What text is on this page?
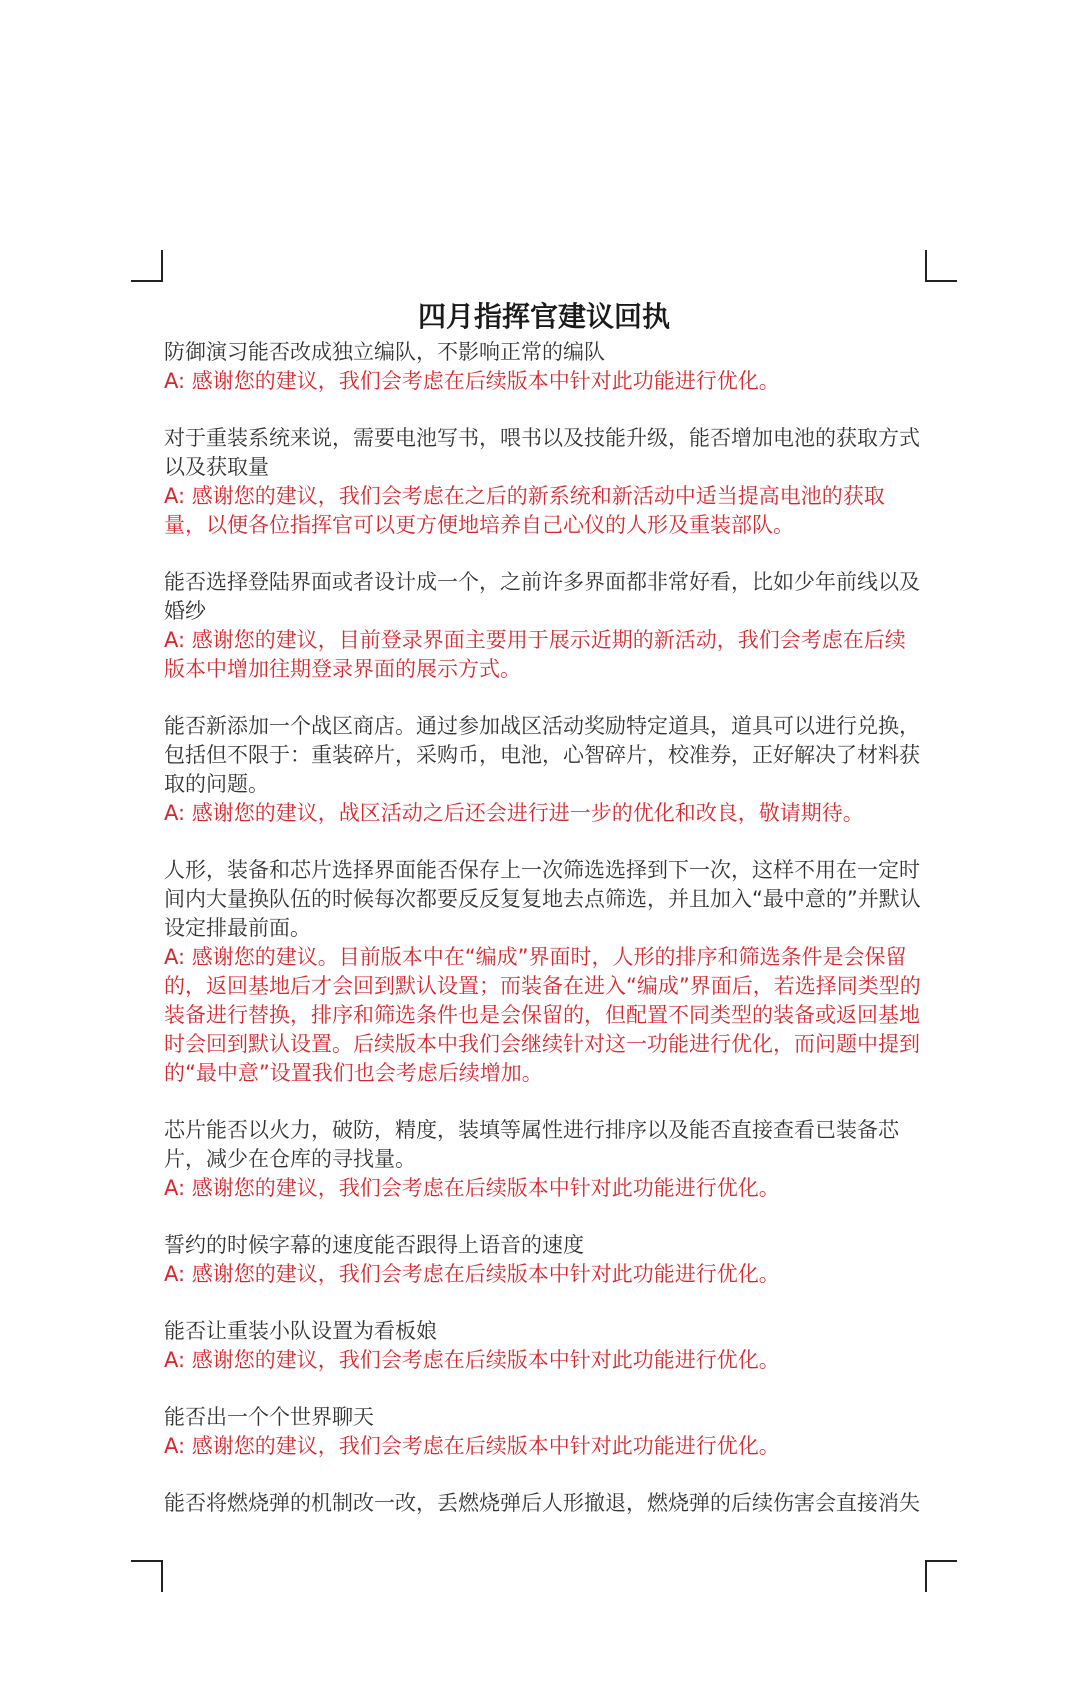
四月指挥官建议回执

防御演习能否改成独立编队，不影响正常的编队

A: 感谢您的建议，我们会考虑在后续版本中针对此功能进行优化。

对于重装系统来说，需要电池写书，喂书以及技能升级，能否增加电池的获取方式以及获取量

A: 感谢您的建议，我们会考虑在之后的新系统和新活动中适当提高电池的获取量，以便各位指挥官可以更方便地培养自己心仪的人形及重装部队。

能否选择登陆界面或者设计成一个，之前许多界面都非常好看，比如少年前线以及婚纱

A: 感谢您的建议，目前登录界面主要用于展示近期的新活动，我们会考虑在后续版本中增加往期登录界面的展示方式。

能否新添加一个战区商店。通过参加战区活动奖励特定道具，道具可以进行兑换，包括但不限于：重装碎片，采购币，电池，心智碎片，校准券，正好解决了材料获取的问题。

A: 感谢您的建议，战区活动之后还会进行进一步的优化和改良，敬请期待。

人形，装备和芯片选择界面能否保存上一次筛选选择到下一次，这样不用在一定时间内大量换队伍的时候每次都要反反复复地去点筛选，并且加入“最中意的”并默认设定排最前面。

A: 感谢您的建议。目前版本中在“编成”界面时，人形的排序和筛选条件是会保留的，返回基地后才会回到默认设置；而装备在进入“编成”界面后，若选择同类型的装备进行替换，排序和筛选条件也是会保留的，但配置不同类型的装备或返回基地时会回到默认设置。后续版本中我们会继续针对这一功能进行优化，而问题中提到的“最中意”设置我们也会考虑后续增加。

芯片能否以火力，破防，精度，装填等属性进行排序以及能否直接查看已装备芯片，减少在仓库的寻找量。

A: 感谢您的建议，我们会考虑在后续版本中针对此功能进行优化。

誓约的时候字幕的速度能否跟得上语音的速度

A: 感谢您的建议，我们会考虑在后续版本中针对此功能进行优化。

能否让重装小队设置为看板娘

A: 感谢您的建议，我们会考虑在后续版本中针对此功能进行优化。

能否出一个个世界聊天

A: 感谢您的建议，我们会考虑在后续版本中针对此功能进行优化。

能否将燃烧弹的机制改一改，丢燃烧弹后人形撤退，燃烧弹的后续伤害会直接消失
